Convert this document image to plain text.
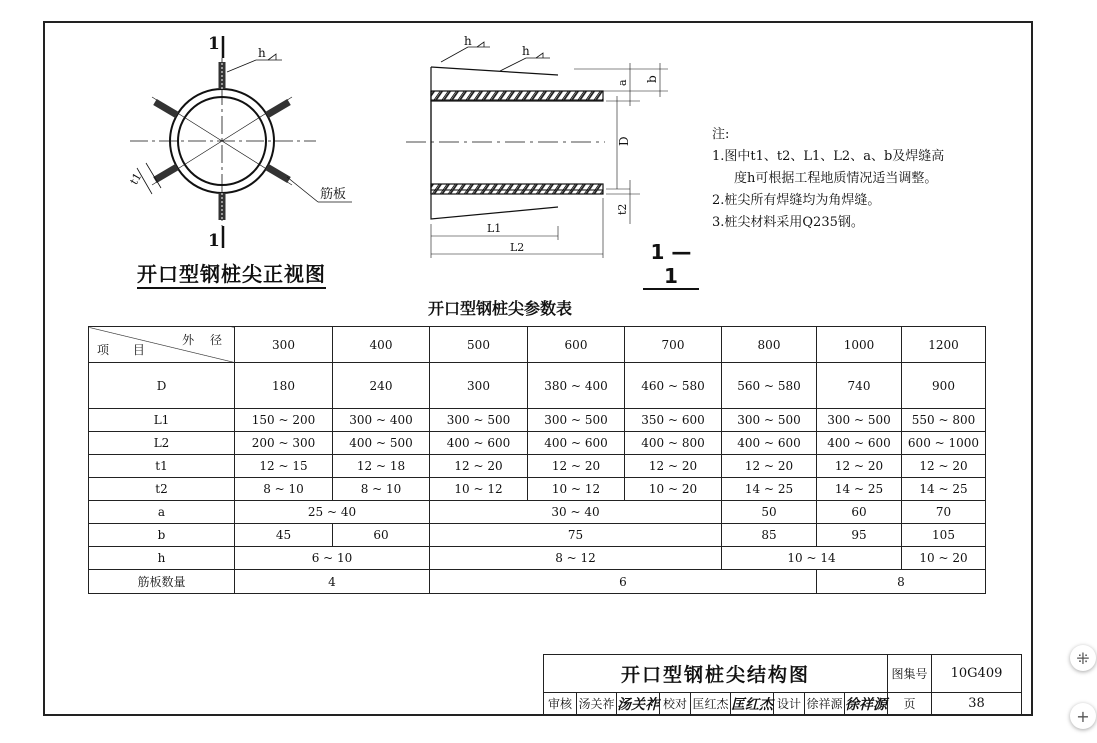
1
1
h
筋板
t1
h
h
a b
D
t2
L1
L2
开口型钢桩尖正视图
1 — 1
注:
1.图中t1、t2、L1、L2、a、b及焊缝高
度h可根据工程地质情况适当调整。
2.桩尖所有焊缝均为角焊缝。
3.桩尖材料采用Q235钢。
开口型钢桩尖参数表
外 径
项 目	300	400	500	600	700	800	1000	1200
D	180	240	300	380 ~ 400	460 ~ 580	560 ~ 580	740	900
L1	150 ~ 200	300 ~ 400	300 ~ 500	300 ~ 500	350 ~ 600	300 ~ 500	300 ~ 500	550 ~ 800
L2	200 ~ 300	400 ~ 500	400 ~ 600	400 ~ 600	400 ~ 800	400 ~ 600	400 ~ 600	600 ~ 1000
t1	12 ~ 15	12 ~ 18	12 ~ 20	12 ~ 20	12 ~ 20	12 ~ 20	12 ~ 20	12 ~ 20
t2	8 ~ 10	8 ~ 10	10 ~ 12	10 ~ 12	10 ~ 20	14 ~ 25	14 ~ 25	14 ~ 25
a	25 ~ 40		30 ~ 40			50	60	70
b	45	60	75			85	95	105
h	6 ~ 10		8 ~ 12			10 ~ 14		10 ~ 20
筋板数量	4		6				8	
开口型钢桩尖结构图									图集号	10G409
审核	汤关祚	汤关祚	校对	匡红杰	匡红杰	设计	徐祥源	徐祥源	页	38
⁜
+
